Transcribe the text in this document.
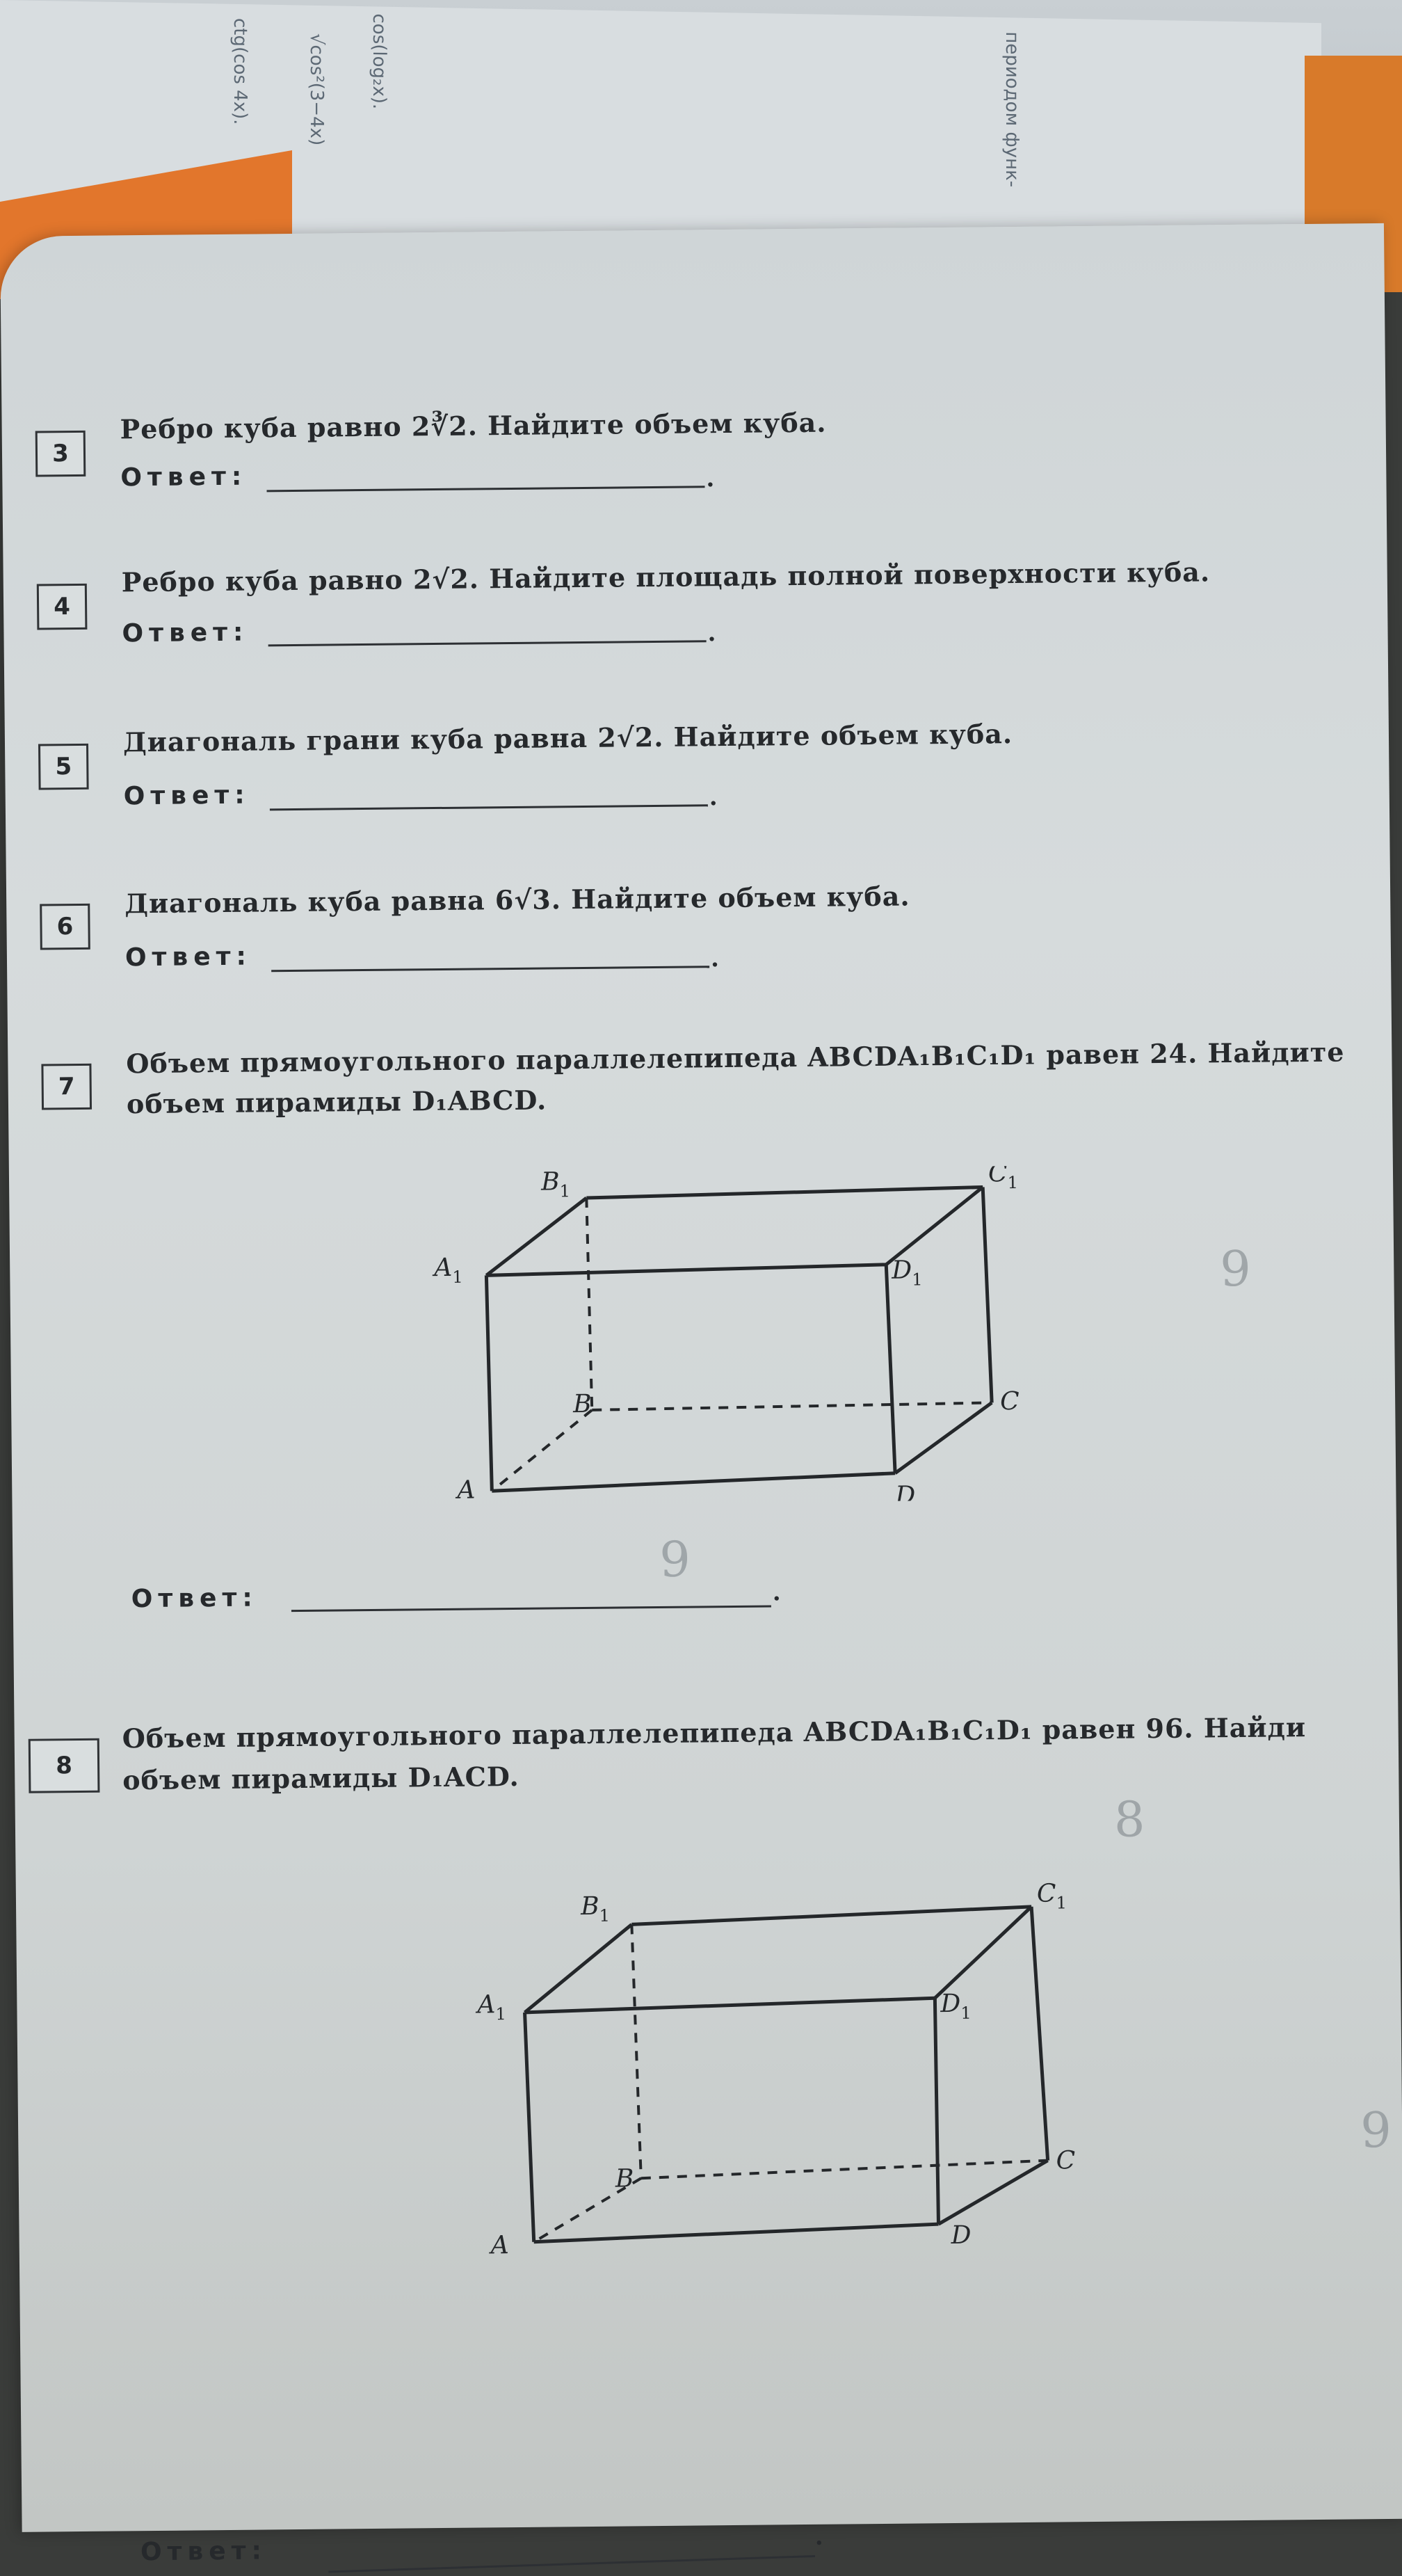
ctg(cos 4x).	cos(log₂x).
√cos²(3−4x)	периодом функ-
3
Ребро куба равно 2∛2. Найдите объем куба.
Ответ:	.
4
Ребро куба равно 2√2. Найдите площадь полной поверхности куба.
Ответ:	.
5
Диагональ грани куба равна 2√2. Найдите объем куба.
Ответ:	.
6
Диагональ куба равна 6√3. Найдите объем куба.
Ответ:	.
7
Объем прямоугольного параллелепипеда ABCDA₁B₁C₁D₁ равен 24. Найдите
объем пирамиды D₁ABCD.
$B_1$
$C_1$
$A_1$	$D_1$
B	C
A	D
Ответ:	.
8
Объем прямоугольного параллелепипеда ABCDA₁B₁C₁D₁ равен 96. Найди
объем пирамиды D₁ACD.
$B_1$
$C_1$
$A_1$	$D_1$
B
C
A	D
Ответ:	.
9
9
9
8
